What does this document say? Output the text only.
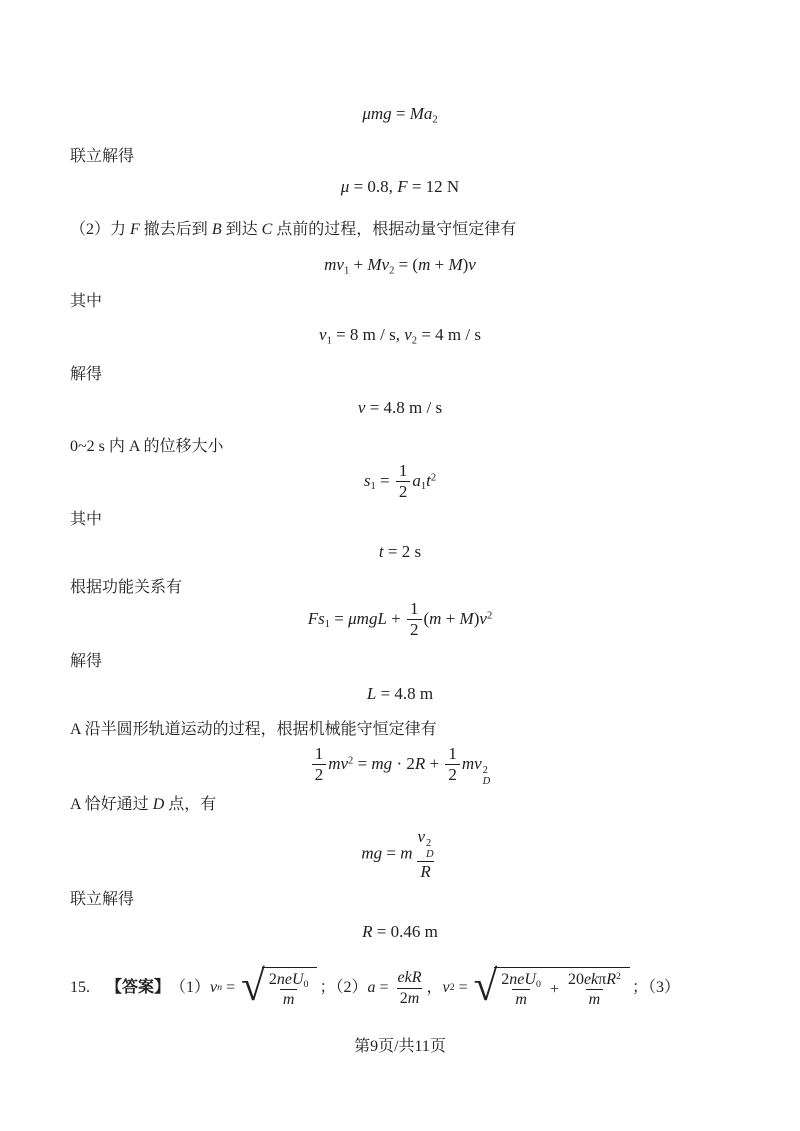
$\mu mg = Ma_2$
联立解得
μ = 0.8, F = 12 N
（2）力 F 撤去后到 B 到达 C 点前的过程，根据动量守恒定律有
$mv_1 + Mv_2 = (m + M)v$
其中
$v_1 = 8$ m / s, $v_2 = 4$ m / s
解得
v = 4.8 m / s
0~2 s 内 A 的位移大小
$s_1 = \frac{1}{2} a_1t^2$
其中
t = 2 s
根据功能关系有
$Fs_1 = \mu mgL + \frac{1}{2} (m + M)v^2$
解得
L = 4.8 m
A 沿半圆形轨道运动的过程，根据机械能守恒定律有
$\frac{1}{2} mv^2$ = mg · $2R + \frac{1}{2}$ mv 2
D
A 恰好通过 D 点，有
mg = m v 2
D
R
联立解得
R = 0.46 m
15.　 【答案】 （1） v n = √ $\frac{2neU_0}{m}$ ；（2） $a = \frac{\text{ekR}}{2m}$ ， v 2 = √ $\frac{2neU_0}{m} + \frac{20ek\pi R^2}{m}$ ；（3）
第9页/共11页
